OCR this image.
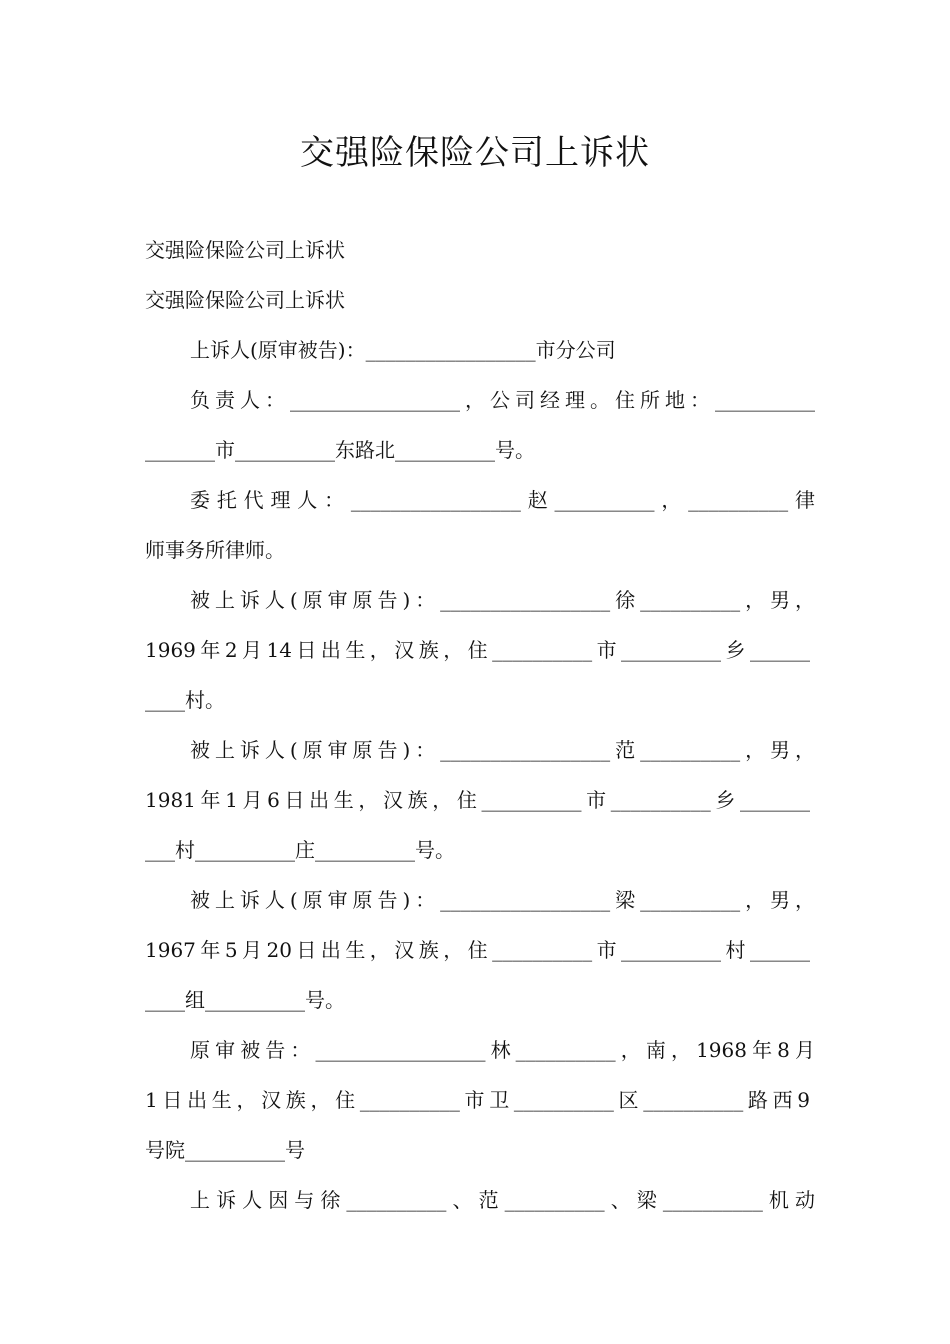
交强险保险公司上诉状

交强险保险公司上诉状

交强险保险公司上诉状

上诉人(原审被告)：_________________市分公司

负责人：_________________，公司经理。住所地：__________

_______市__________东路北__________号。

委托代理人：_________________赵__________，__________律

师事务所律师。

被上诉人(原审原告)：_________________徐__________，男，

1969年2月14日出生，汉族，住__________市__________乡______

____村。

被上诉人(原审原告)：_________________范__________，男，

1981年1月6日出生，汉族，住__________市__________乡_______

___村__________庄__________号。

被上诉人(原审原告)：_________________梁__________，男，

1967年5月20日出生，汉族，住__________市__________村______

____组__________号。

原审被告：_________________林__________，南，1968年8月

1日出生，汉族，住__________市卫__________区__________路西9

号院__________号

上诉人因与徐__________、范__________、梁__________机动
